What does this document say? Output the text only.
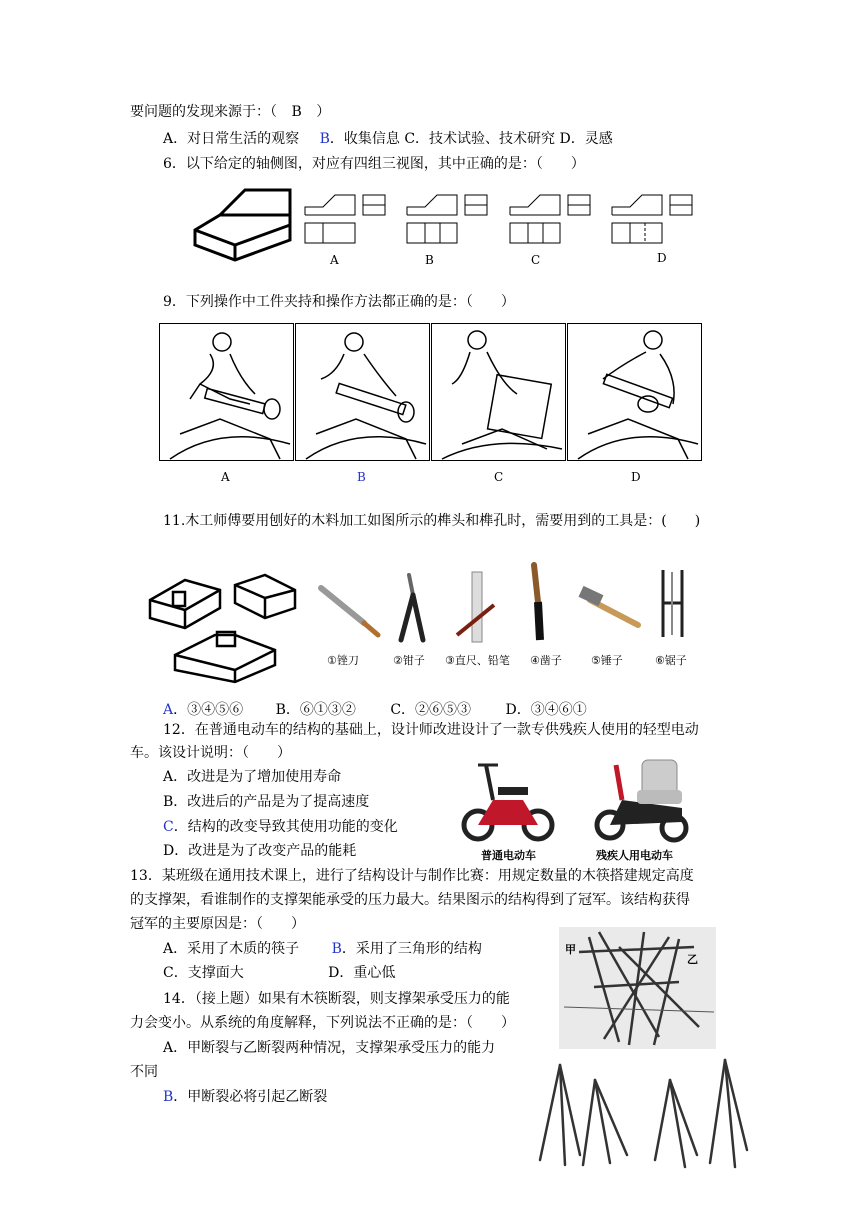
要问题的发现来源于：（ B ）
A．对日常生活的观察 B．收集信息 C．技术试验、技术研究 D．灵感
6．以下给定的轴侧图，对应有四组三视图，其中正确的是：（　　）
A	B	C	D
9．下列操作中工件夹持和操作方法都正确的是：（　　）
A	B	C	D
11.木工师傅要用刨好的木料加工如图所示的榫头和榫孔时，需要用到的工具是：(　　)
①锉刀	②钳子 ③直尺、铅笔 ④凿子	⑤锤子	⑥锯子
A．③④⑤⑥ B．⑥①③② C．②⑥⑤③ D．③④⑥①
12．在普通电动车的结构的基础上，设计师改进设计了一款专供残疾人使用的轻型电动
车。该设计说明：（　　）
A．改进是为了增加使用寿命
B．改进后的产品是为了提高速度
C．结构的改变导致其使用功能的变化
D．改进是为了改变产品的能耗	普通电动车	残疾人用电动车
13．某班级在通用技术课上，进行了结构设计与制作比赛：用规定数量的木筷搭建规定高度
的支撑架，看谁制作的支撑架能承受的压力最大。结果图示的结构得到了冠军。该结构获得
冠军的主要原因是：（　　）
A．采用了木质的筷子 B．采用了三角形的结构
C．支撑面大	D．重心低
甲
乙
14．（接上题）如果有木筷断裂，则支撑架承受压力的能
力会变小。从系统的角度解释，下列说法不正确的是：（　　）
A．甲断裂与乙断裂两种情况，支撑架承受压力的能力
不同
B．甲断裂必将引起乙断裂
